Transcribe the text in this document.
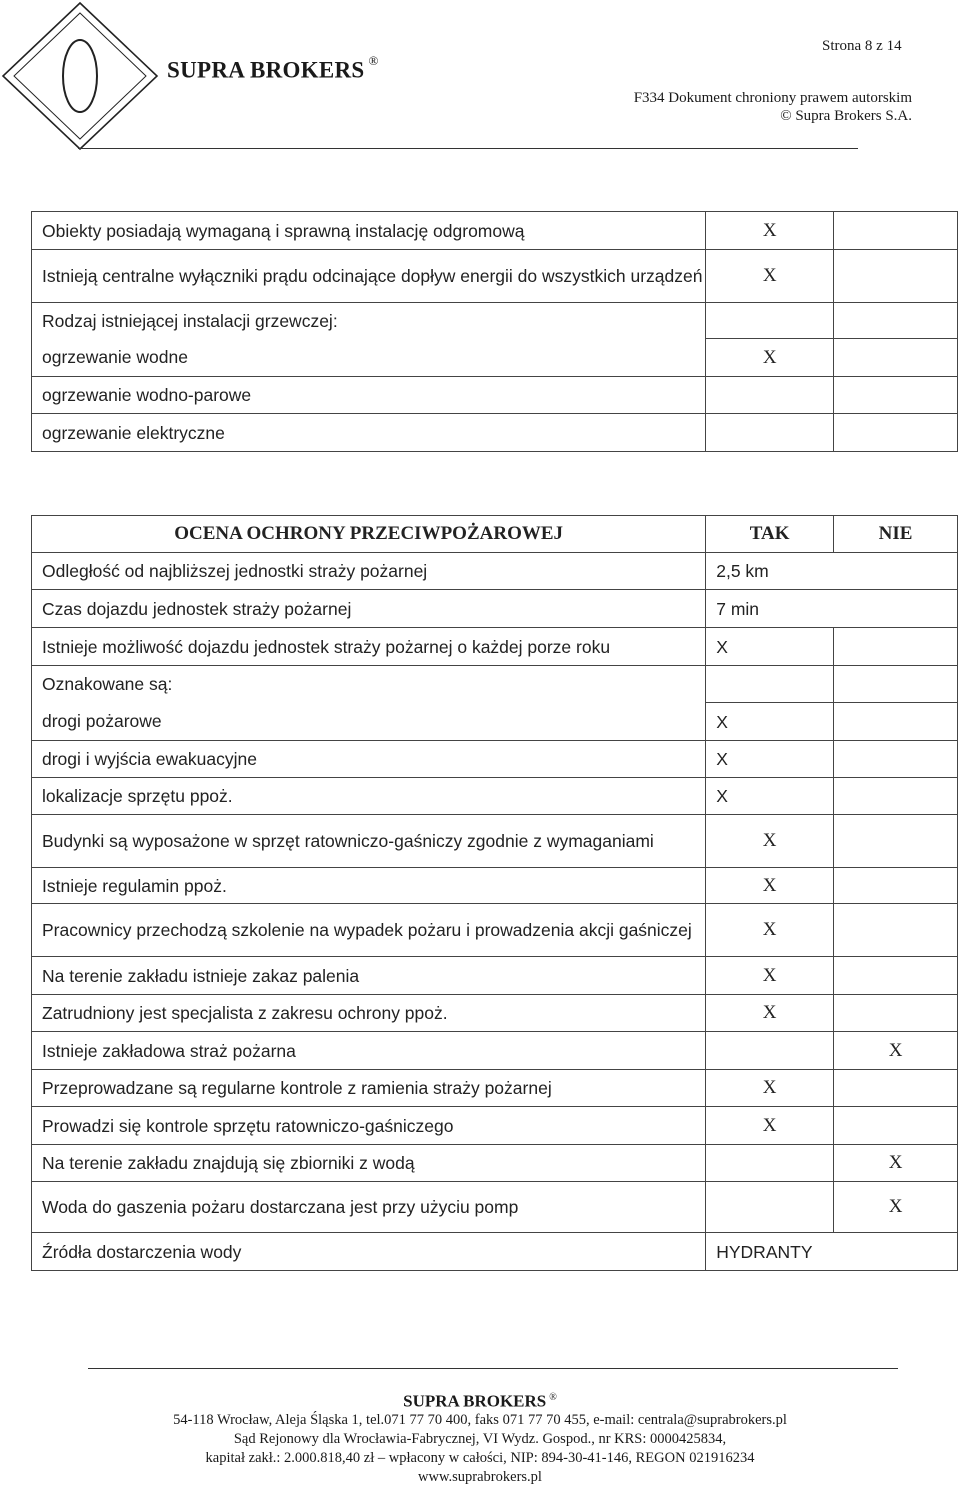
SUPRA BROKERS ®
Strona 8 z 14
F334 Dokument chroniony prawem autorskim
© Supra Brokers S.A.
Obiekty posiadają wymaganą i sprawną instalację odgromową	X	
Istnieją centralne wyłączniki prądu odcinające dopływ energii do wszystkich urządzeń	X	
Rodzaj istniejącej instalacji grzewczej:		
ogrzewanie wodne	X	
ogrzewanie wodno-parowe		
ogrzewanie elektryczne		
OCENA OCHRONY PRZECIWPOŻAROWEJ	TAK	NIE
Odległość od najbliższej jednostki straży pożarnej	2,5 km	
Czas dojazdu jednostek straży pożarnej	7 min	
Istnieje możliwość dojazdu jednostek straży pożarnej o każdej porze roku	X	
Oznakowane są:		
drogi pożarowe	X	
drogi i wyjścia ewakuacyjne	X	
lokalizacje sprzętu ppoż.	X	
Budynki są wyposażone w sprzęt ratowniczo-gaśniczy zgodnie z wymaganiami	X	
Istnieje regulamin ppoż.	X	
Pracownicy przechodzą szkolenie na wypadek pożaru i prowadzenia akcji gaśniczej	X	
Na terenie zakładu istnieje zakaz palenia	X	
Zatrudniony jest specjalista z zakresu ochrony ppoż.	X	
Istnieje zakładowa straż pożarna		X
Przeprowadzane są regularne kontrole z ramienia straży pożarnej	X	
Prowadzi się kontrole sprzętu ratowniczo-gaśniczego	X	
Na terenie zakładu znajdują się zbiorniki z wodą		X
Woda do gaszenia pożaru dostarczana jest przy użyciu pomp		X
Źródła dostarczenia wody	HYDRANTY	
SUPRA BROKERS ®
54-118 Wrocław, Aleja Śląska 1, tel.071 77 70 400, faks 071 77 70 455, e-mail: centrala@suprabrokers.pl
Sąd Rejonowy dla Wrocławia-Fabrycznej, VI Wydz. Gospod., nr KRS: 0000425834,
kapitał zakł.: 2.000.818,40 zł – wpłacony w całości, NIP: 894-30-41-146, REGON 021916234
www.suprabrokers.pl
